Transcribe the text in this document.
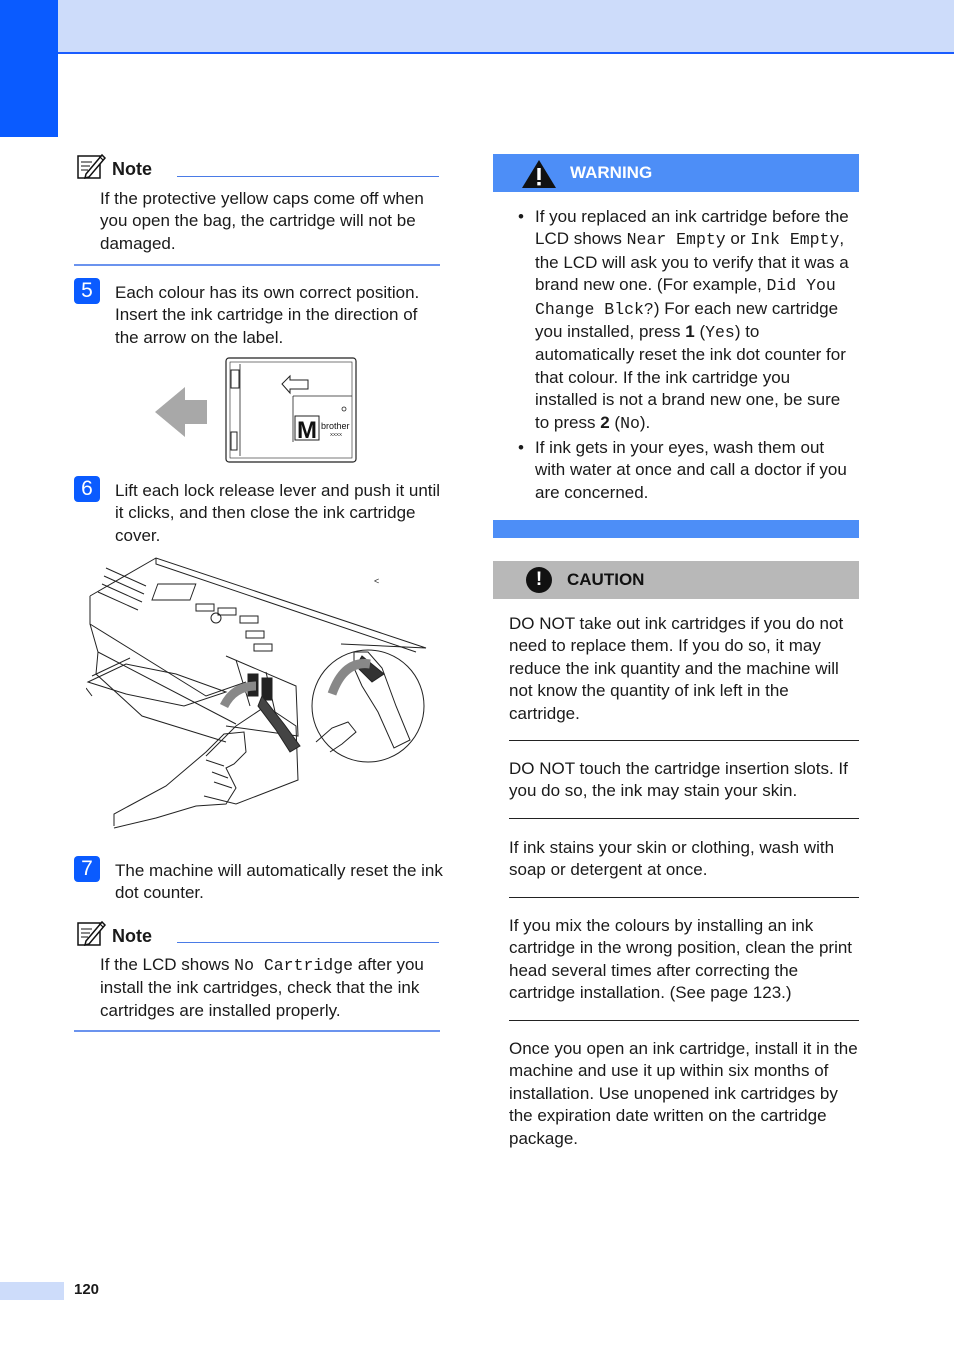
Note

If the protective yellow caps come off when you open the bag, the cartridge will not be damaged.

5	Each colour has its own correct position. Insert the ink cartridge in the direction of the arrow on the label.

M brother
XXXX
6	Lift each lock release lever and push it until it clicks, and then close the ink cartridge cover.

<
7	The machine will automatically reset the ink dot counter.

Note

If the LCD shows No Cartridge after you install the ink cartridges, check that the ink cartridges are installed properly.

WARNING
• If you replaced an ink cartridge before the LCD shows Near Empty or Ink Empty, the LCD will ask you to verify that it was a brand new one. (For example, Did You Change Blck?) For each new cartridge you installed, press 1 (Yes) to automatically reset the ink dot counter for that colour. If the ink cartridge you installed is not a brand new one, be sure to press 2 (No).

• If ink gets in your eyes, wash them out with water at once and call a doctor if you are concerned.

!	CAUTION

DO NOT take out ink cartridges if you do not need to replace them. If you do so, it may reduce the ink quantity and the machine will not know the quantity of ink left in the cartridge.

DO NOT touch the cartridge insertion slots. If you do so, the ink may stain your skin.

If ink stains your skin or clothing, wash with soap or detergent at once.

If you mix the colours by installing an ink cartridge in the wrong position, clean the print head several times after correcting the cartridge installation. (See page 123.)

Once you open an ink cartridge, install it in the machine and use it up within six months of installation. Use unopened ink cartridges by the expiration date written on the cartridge package.

120
